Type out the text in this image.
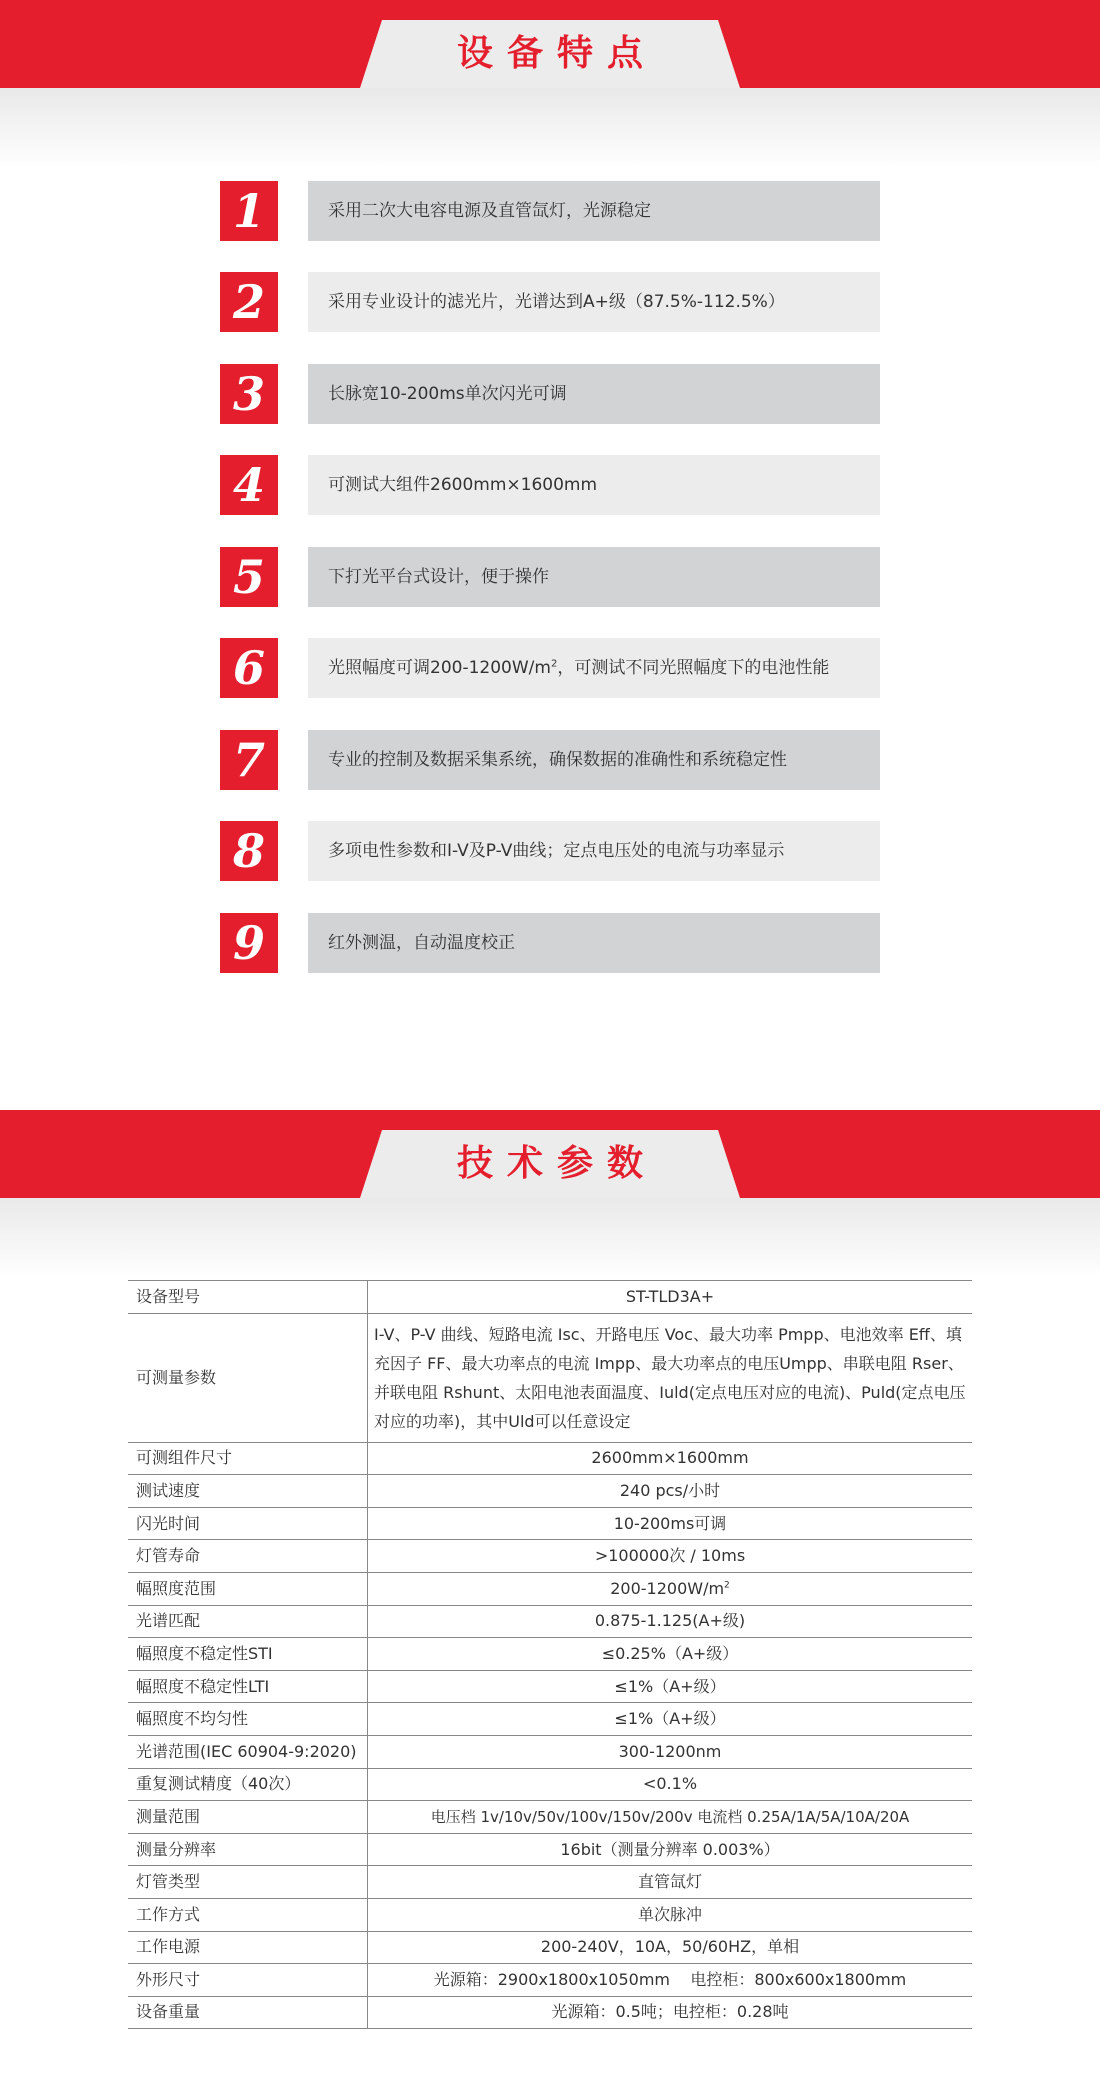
设备特点
1	采用二次大电容电源及直管氙灯，光源稳定
2	采用专业设计的滤光片，光谱达到A+级（87.5%-112.5%）
3	长脉宽10-200ms单次闪光可调
4	可测试大组件2600mm×1600mm
5	下打光平台式设计，便于操作
6	光照幅度可调$200-1200W/m^2$，可测试不同光照幅度下的电池性能
7	专业的控制及数据采集系统，确保数据的准确性和系统稳定性
8	多项电性参数和I-V及P-V曲线；定点电压处的电流与功率显示
9	红外测温，自动温度校正
技术参数
设备型号	ST-TLD3A+
可测量参数	I-V、P-V 曲线、短路电流 Isc、开路电压 Voc、最大功率 Pmpp、电池效率 Eff、填充因子 FF、最大功率点的电流 Impp、最大功率点的电压Umpp、串联电阻 Rser、并联电阻 Rshunt、太阳电池表面温度、Iuld(定点电压对应的电流)、Puld(定点电压对应的功率)，其中Uld可以任意设定
可测组件尺寸	2600mm×1600mm
测试速度	240 pcs/小时
闪光时间	10-200ms可调
灯管寿命	>100000次 / 10ms
幅照度范围	$200-1200W/m^2$
光谱匹配	0.875-1.125(A+级)
幅照度不稳定性STI	≤0.25%（A+级）
幅照度不稳定性LTI	≤1%（A+级）
幅照度不均匀性	≤1%（A+级）
光谱范围(IEC 60904-9:2020)	300-1200nm
重复测试精度（40次）	<0.1%
测量范围	电压档 1v/10v/50v/100v/150v/200v 电流档 0.25A/1A/5A/10A/20A
测量分辨率	16bit（测量分辨率 0.003%）
灯管类型	直管氙灯
工作方式	单次脉冲
工作电源	200-240V，10A，50/60HZ，单相
外形尺寸	光源箱：2900x1800x1050mm    电控柜：800x600x1800mm
设备重量	光源箱：0.5吨；电控柜：0.28吨
